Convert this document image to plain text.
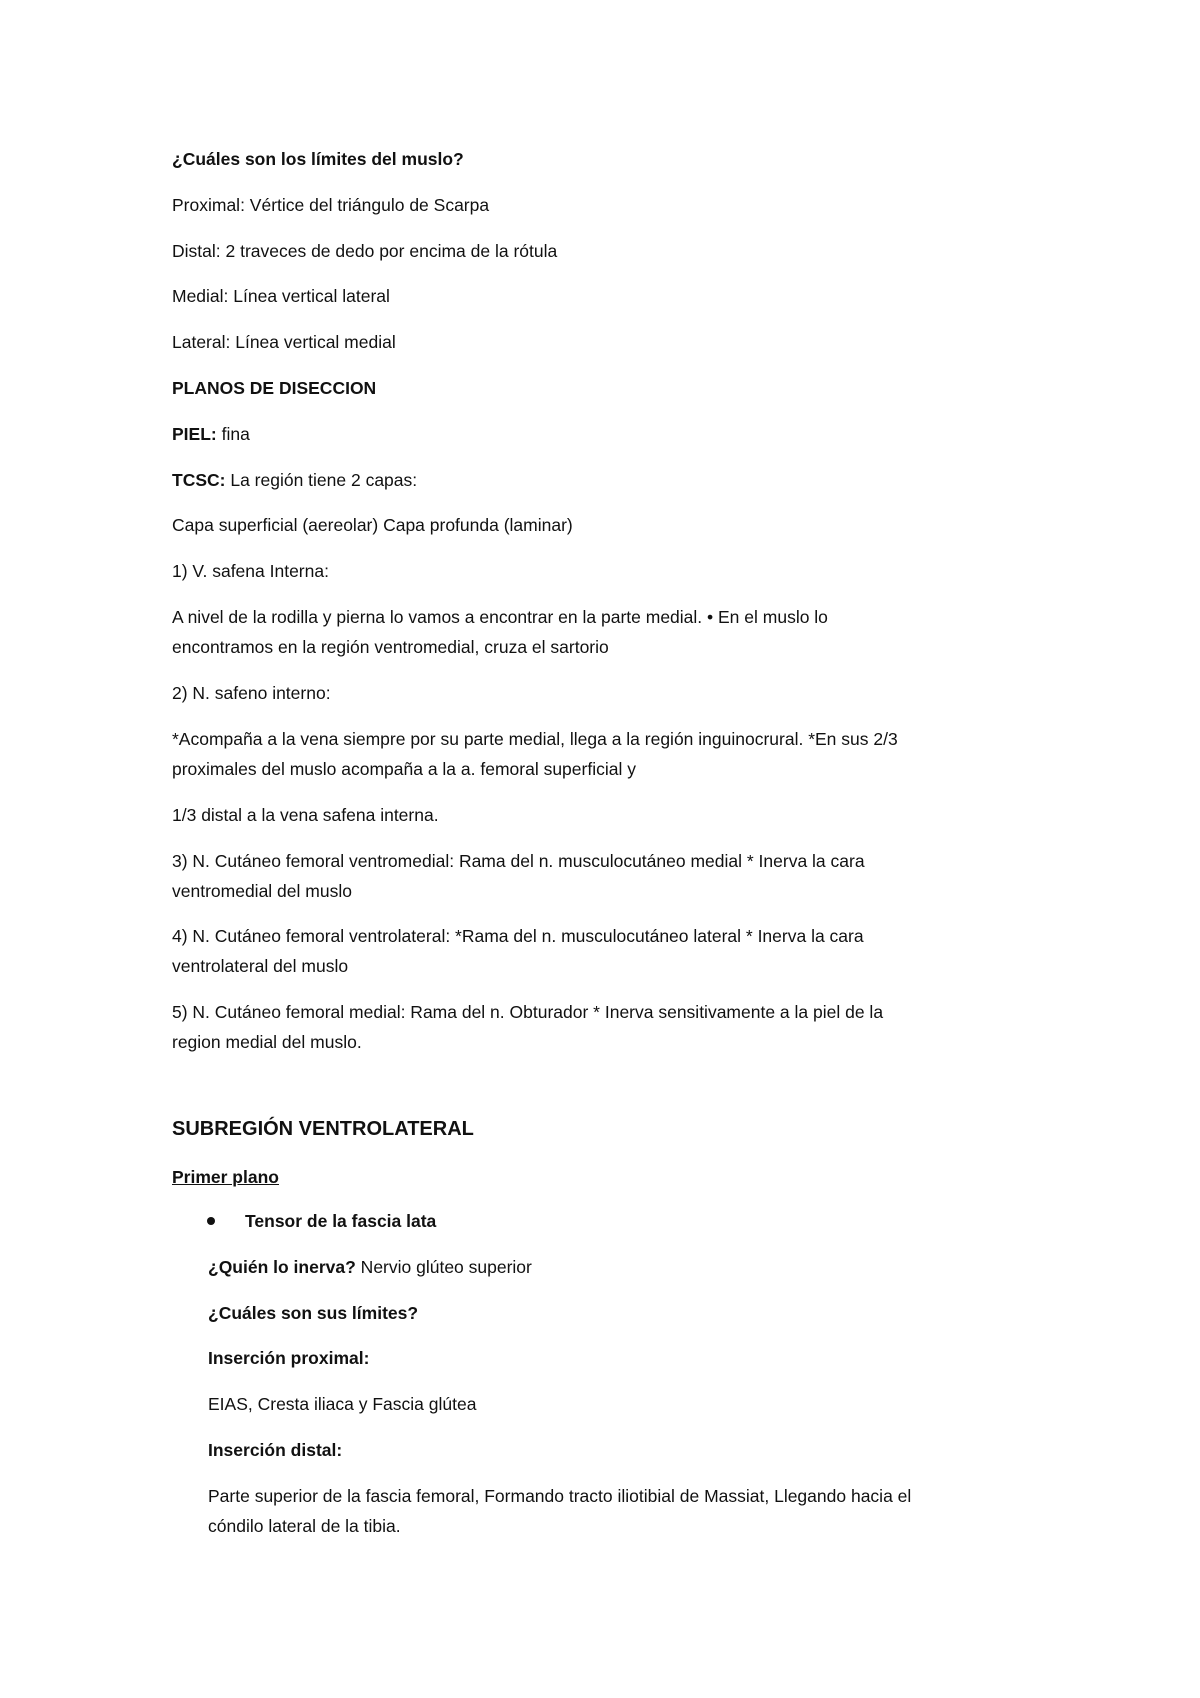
¿Cuáles son los límites del muslo?

Proximal: Vértice del triángulo de Scarpa

Distal: 2 traveces de dedo por encima de la rótula

Medial: Línea vertical lateral

Lateral: Línea vertical medial

PLANOS DE DISECCION

PIEL: fina

TCSC: La región tiene 2 capas:

Capa superficial (aereolar) Capa profunda (laminar)

1) V. safena Interna:

A nivel de la rodilla y pierna lo vamos a encontrar en la parte medial. • En el muslo lo

encontramos en la región ventromedial, cruza el sartorio

2) N. safeno interno:

*Acompaña a la vena siempre por su parte medial, llega a la región inguinocrural. *En sus 2/3

proximales del muslo acompaña a la a. femoral superficial y

1/3 distal a la vena safena interna.

3) N. Cutáneo femoral ventromedial: Rama del n. musculocutáneo medial * Inerva la cara

ventromedial del muslo

4) N. Cutáneo femoral ventrolateral: *Rama del n. musculocutáneo lateral * Inerva la cara

ventrolateral del muslo

5) N. Cutáneo femoral medial: Rama del n. Obturador * Inerva sensitivamente a la piel de la

region medial del muslo.

SUBREGIÓN VENTROLATERAL

Primer plano

Tensor de la fascia lata

¿Quién lo inerva? Nervio glúteo superior

¿Cuáles son sus límites?

Inserción proximal:

EIAS, Cresta iliaca y Fascia glútea

Inserción distal:

Parte superior de la fascia femoral, Formando tracto iliotibial de Massiat, Llegando hacia el

cóndilo lateral de la tibia.
